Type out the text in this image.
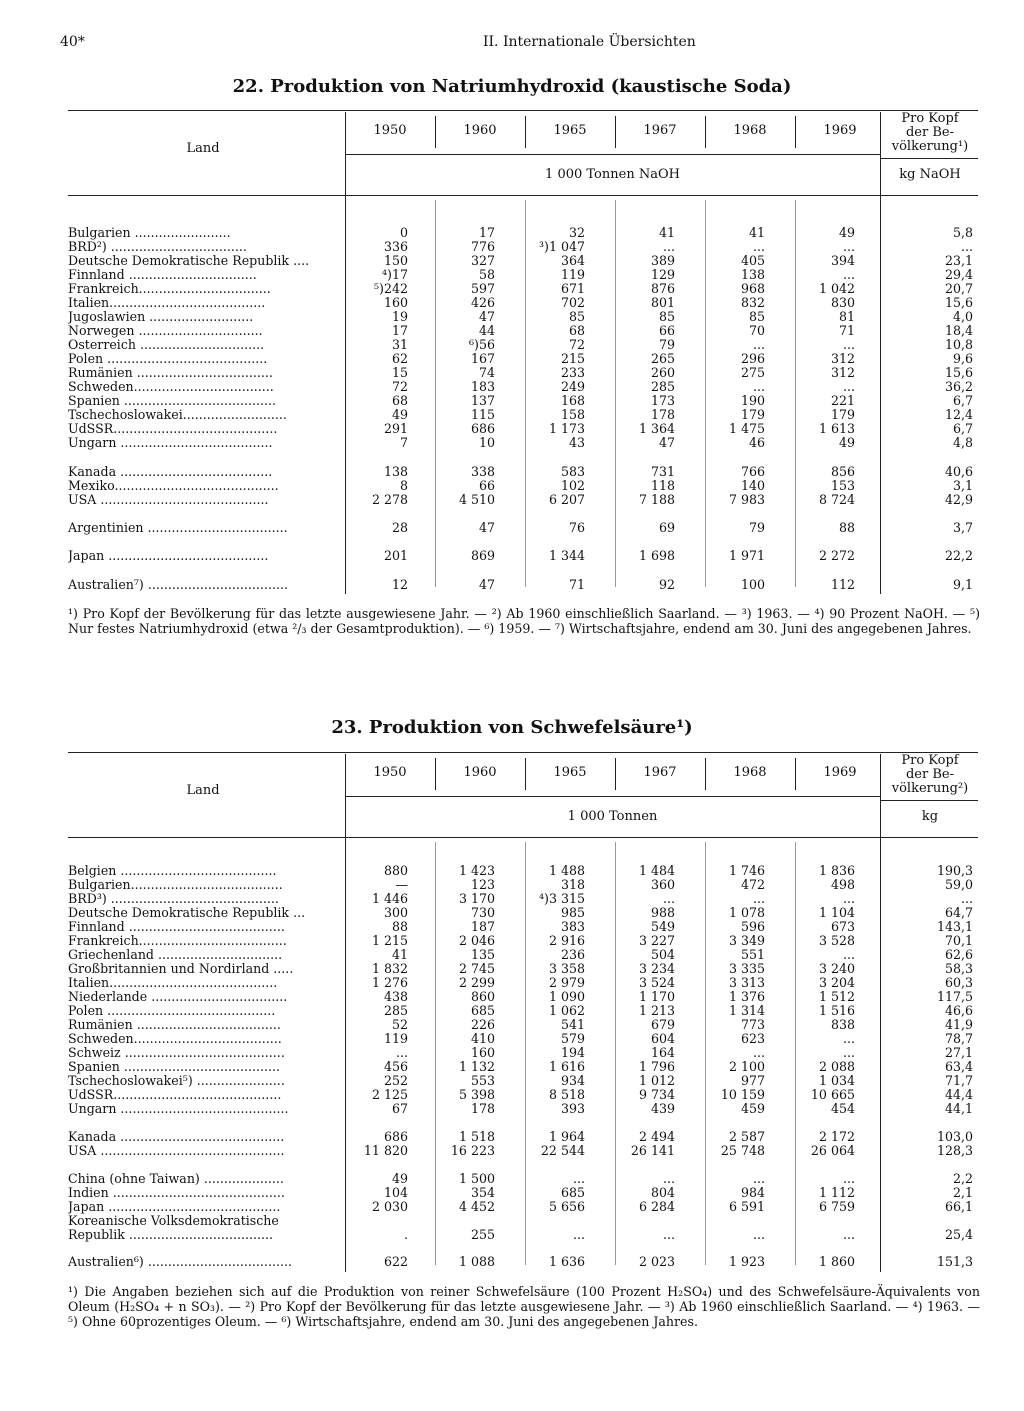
40*	II. Internationale Übersichten
22. Produktion von Natriumhydroxid (kaustische Soda)
Land
1950	1960	1965	1967	1968	1969
1 000 Tonnen NaOH
Pro Kopf
der Be-
völkerung¹)
kg NaOH
Bulgarien ........................	0	17	32	41	41	49	5,8
BRD²) ..................................	336	776	³)1 047	...	...	...	...
Deutsche Demokratische Republik ....	150	327	364	389	405	394	23,1
Finnland ................................	⁴)17	58	119	129	138	...	29,4
Frankreich.................................	⁵)242	597	671	876	968	1 042	20,7
Italien.......................................	160	426	702	801	832	830	15,6
Jugoslawien ..........................	19	47	85	85	85	81	4,0
Norwegen ...............................	17	44	68	66	70	71	18,4
Österreich ...............................	31	⁶)56	72	79	...	...	10,8
Polen ........................................	62	167	215	265	296	312	9,6
Rumänien ..................................	15	74	233	260	275	312	15,6
Schweden...................................	72	183	249	285	...	...	36,2
Spanien ......................................	68	137	168	173	190	221	6,7
Tschechoslowakei..........................	49	115	158	178	179	179	12,4
UdSSR.........................................	291	686	1 173	1 364	1 475	1 613	6,7
Ungarn ......................................	7	10	43	47	46	49	4,8
Kanada ......................................	138	338	583	731	766	856	40,6
Mexiko.........................................	8	66	102	118	140	153	3,1
USA ..........................................	2 278	4 510	6 207	7 188	7 983	8 724	42,9
Argentinien ...................................	28	47	76	69	79	88	3,7
Japan ........................................	201	869	1 344	1 698	1 971	2 272	22,2
Australien⁷) ...................................	12	47	71	92	100	112	9,1
¹) Pro Kopf der Bevölkerung für das letzte ausgewiesene Jahr. — ²) Ab 1960 einschließlich Saarland. — ³) 1963. — ⁴) 90 Prozent NaOH. — ⁵) Nur festes Natriumhydroxid (etwa ²/₃ der Gesamtproduktion). — ⁶) 1959. — ⁷) Wirtschaftsjahre, endend am 30. Juni des angegebenen Jahres.
23. Produktion von Schwefelsäure¹)
Land
1950	1960	1965	1967	1968	1969
1 000 Tonnen
Pro Kopf
der Be-
völkerung²)
kg
Belgien .......................................	880	1 423	1 488	1 484	1 746	1 836	190,3
Bulgarien......................................	—	123	318	360	472	498	59,0
BRD³) ..........................................	1 446	3 170	⁴)3 315	...	...	...	...
Deutsche Demokratische Republik ...	300	730	985	988	1 078	1 104	64,7
Finnland .......................................	88	187	383	549	596	673	143,1
Frankreich.....................................	1 215	2 046	2 916	3 227	3 349	3 528	70,1
Griechenland ...............................	41	135	236	504	551	...	62,6
Großbritannien und Nordirland .....	1 832	2 745	3 358	3 234	3 335	3 240	58,3
Italien..........................................	1 276	2 299	2 979	3 524	3 313	3 204	60,3
Niederlande ..................................	438	860	1 090	1 170	1 376	1 512	117,5
Polen ..........................................	285	685	1 062	1 213	1 314	1 516	46,6
Rumänien ....................................	52	226	541	679	773	838	41,9
Schweden.....................................	119	410	579	604	623	...	78,7
Schweiz ........................................	...	160	194	164	...	...	27,1
Spanien .......................................	456	1 132	1 616	1 796	2 100	2 088	63,4
Tschechoslowakei⁵) ......................	252	553	934	1 012	977	1 034	71,7
UdSSR..........................................	2 125	5 398	8 518	9 734	10 159	10 665	44,4
Ungarn ..........................................	67	178	393	439	459	454	44,1
Kanada .........................................	686	1 518	1 964	2 494	2 587	2 172	103,0
USA ..............................................	11 820	16 223	22 544	26 141	25 748	26 064	128,3
China (ohne Taiwan) ....................	49	1 500	...	...	...	...	2,2
Indien ...........................................	104	354	685	804	984	1 112	2,1
Japan ...........................................	2 030	4 452	5 656	6 284	6 591	6 759	66,1
Koreanische Volksdemokratische
Republik ....................................	.	255	...	...	...	...	25,4
Australien⁶) ....................................	622	1 088	1 636	2 023	1 923	1 860	151,3
¹) Die Angaben beziehen sich auf die Produktion von reiner Schwefelsäure (100 Prozent H₂SO₄) und des Schwefelsäure-Äquivalents von Oleum (H₂SO₄ + n SO₃). — ²) Pro Kopf der Bevölkerung für das letzte ausgewiesene Jahr. — ³) Ab 1960 einschließlich Saarland. — ⁴) 1963. — ⁵) Ohne 60prozentiges Oleum. — ⁶) Wirtschaftsjahre, endend am 30. Juni des angegebenen Jahres.
